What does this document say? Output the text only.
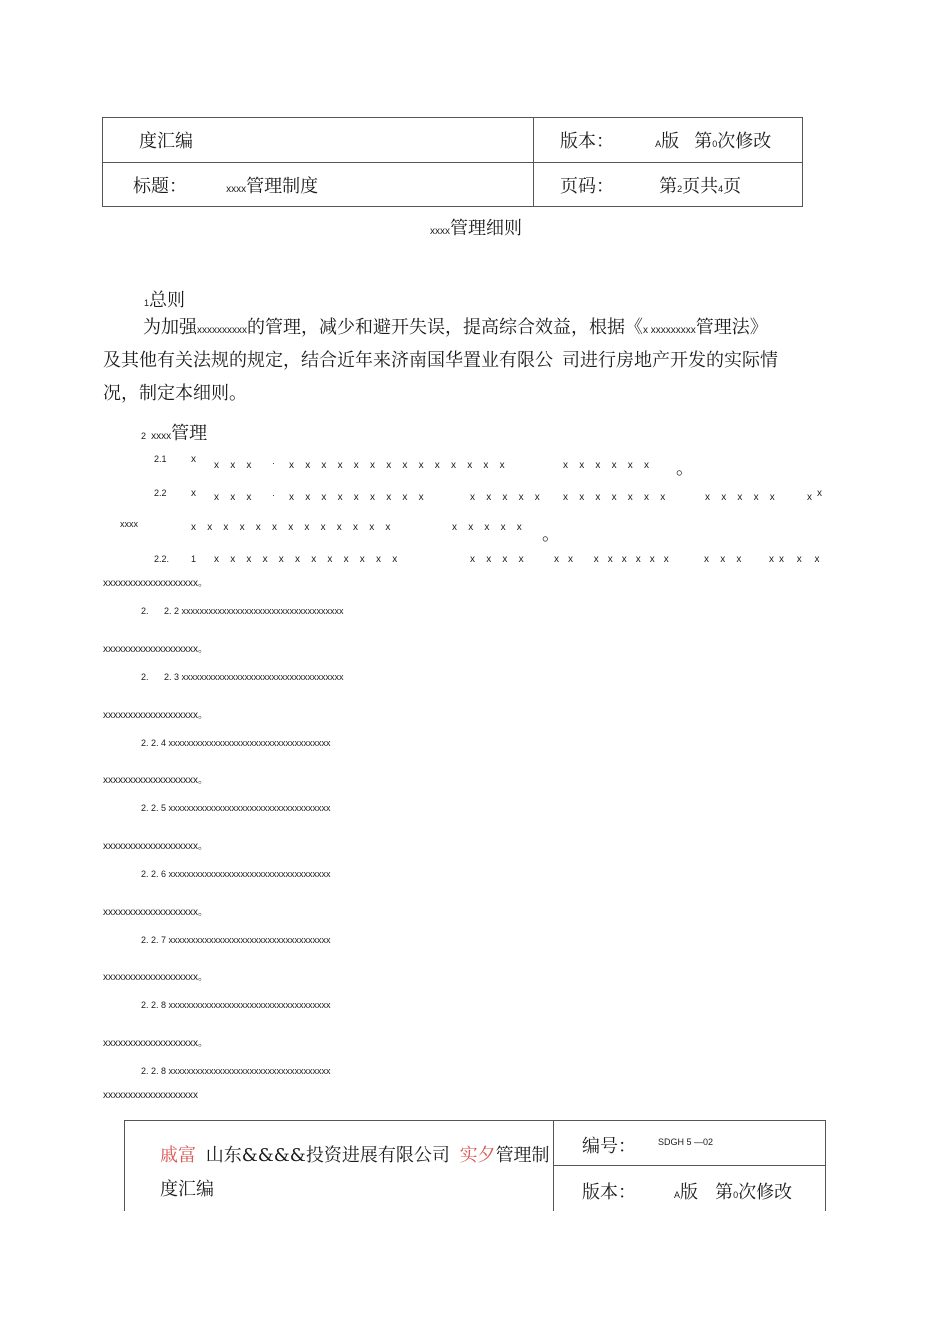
度汇编	版本： A版 第0次修改
标题： xxxx管理制度	页码： 第2页共4页
xxxx管理细则
1总则
为加强xxxxxxxxxx的管理，减少和避开失误，提高综合效益，根据《x xxxxxxxxx管理法》
及其他有关法规的规定，结合近年来济南国华置业有限公 司进行房地产开发的实际情
况，制定本细则。
2 xxxx管理
2.1 x
xxx · xxxxxxxxxxxxxx	xxxxxx 。
2.2 x xxx · xxxxxxxxx	xxxxx xxxxxxx	xxxxx x
x
xxxx	xxxxxxxxxxxxx	xxxxx 。
2.2. 1 xxxxxxxxxxxx	xxxx xx xxxxxx	xxx xx x x
xxxxxxxxxxxxxxxxxxx。
2. 2. 2 xxxxxxxxxxxxxxxxxxxxxxxxxxxxxxxxxxxx
xxxxxxxxxxxxxxxxxxx。
2. 2. 3 xxxxxxxxxxxxxxxxxxxxxxxxxxxxxxxxxxxx
xxxxxxxxxxxxxxxxxxx。
2. 2. 4 xxxxxxxxxxxxxxxxxxxxxxxxxxxxxxxxxxxx
xxxxxxxxxxxxxxxxxxx。
2. 2. 5 xxxxxxxxxxxxxxxxxxxxxxxxxxxxxxxxxxxx
xxxxxxxxxxxxxxxxxxx。
2. 2. 6 xxxxxxxxxxxxxxxxxxxxxxxxxxxxxxxxxxxx
xxxxxxxxxxxxxxxxxxx。
2. 2. 7 xxxxxxxxxxxxxxxxxxxxxxxxxxxxxxxxxxxx
xxxxxxxxxxxxxxxxxxx。
2. 2. 8 xxxxxxxxxxxxxxxxxxxxxxxxxxxxxxxxxxxx
xxxxxxxxxxxxxxxxxxx。
2. 2. 8 xxxxxxxxxxxxxxxxxxxxxxxxxxxxxxxxxxxx
xxxxxxxxxxxxxxxxxxx
戚富 山东&&&&投资进展有限公司 实夕管理制
度汇编
编号： SDGH 5 —02
版本：	A版 第0次修改
